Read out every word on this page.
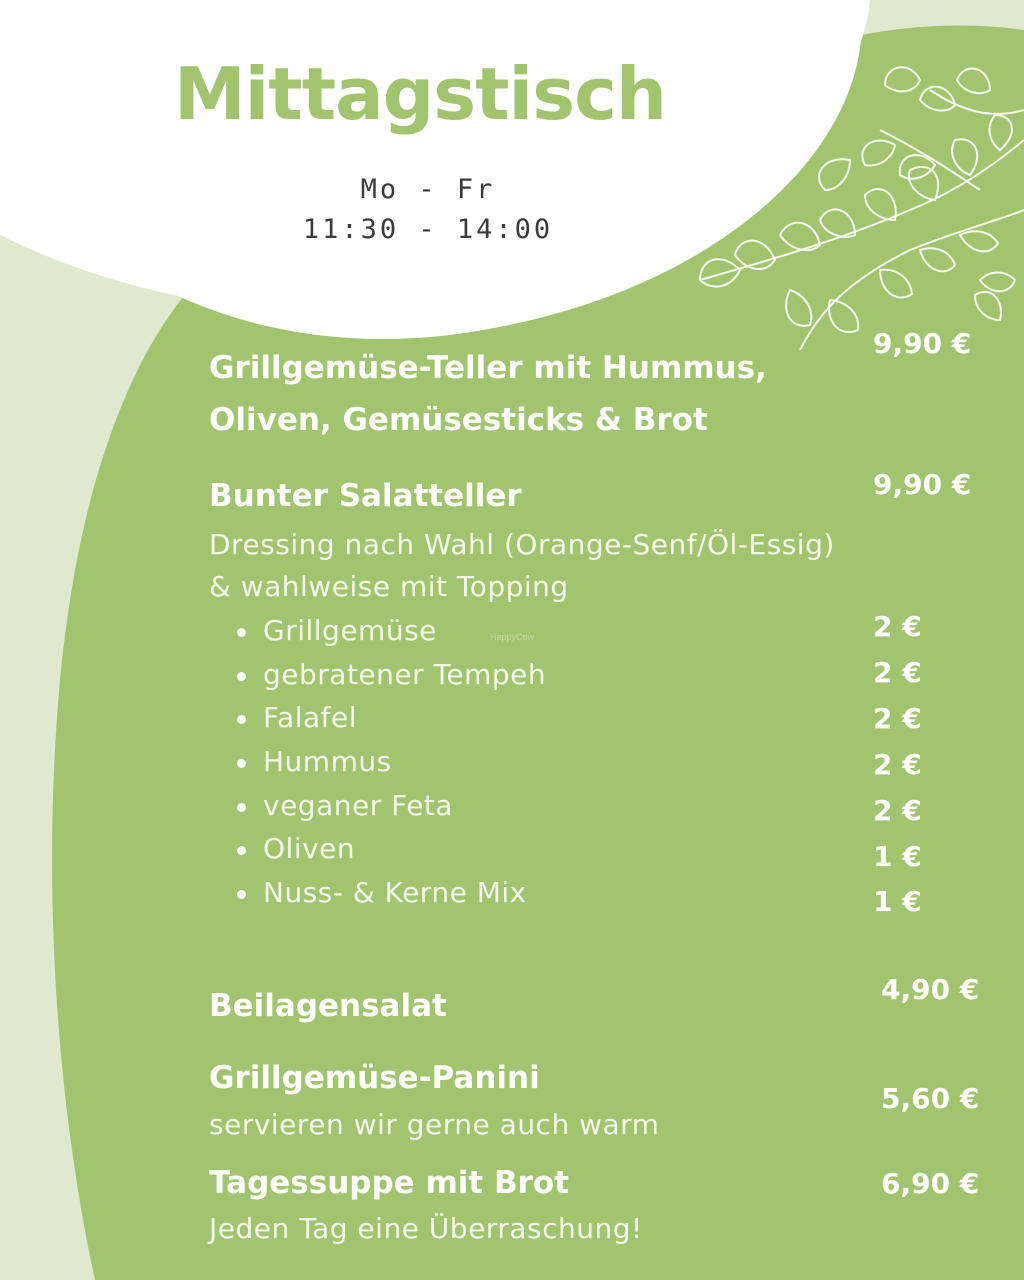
Mittagstisch
Mo - Fr
11:30 - 14:00
Grillgemüse-Teller mit Hummus,
Oliven, Gemüsesticks & Brot
9,90 €
Bunter Salatteller	9,90 €
Dressing nach Wahl (Orange-Senf/Öl-Essig)
& wahlweise mit Topping
Grillgemüse	2 €
gebratener Tempeh	2 €
Falafel	2 €
Hummus	2 €
veganer Feta	2 €
Oliven	1 €
Nuss- & Kerne Mix	1 €
HappyCow
Beilagensalat	4,90 €
Grillgemüse-Panini
servieren wir gerne auch warm
5,60 €
Tagessuppe mit Brot
Jeden Tag eine Überraschung!
6,90 €
